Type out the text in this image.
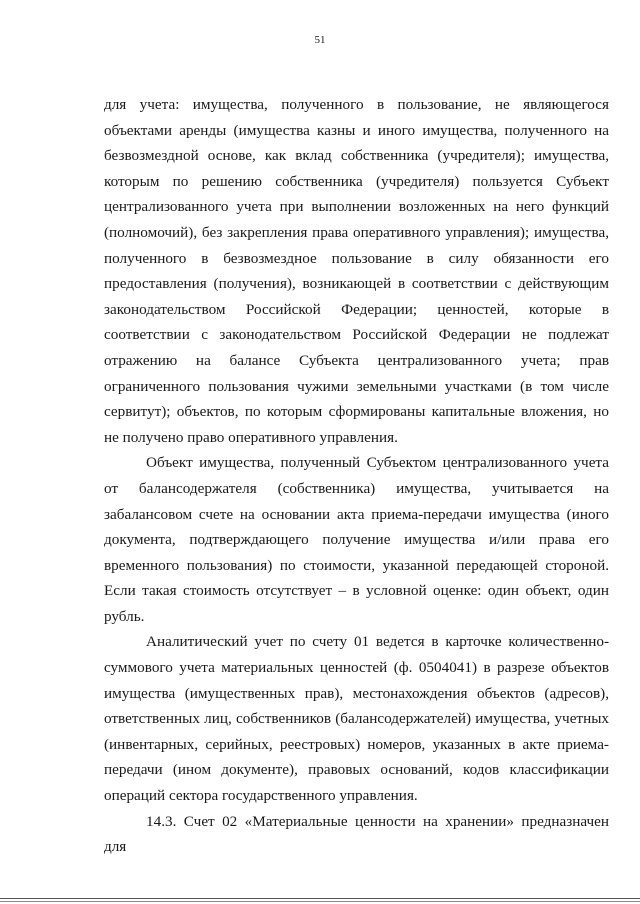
51

для учета: имущества, полученного в пользование, не являющегося объектами аренды (имущества казны и иного имущества, полученного на безвозмездной основе, как вклад собственника (учредителя); имущества, которым по решению собственника (учредителя) пользуется Субъект централизованного учета при выполнении возложенных на него функций (полномочий), без закрепления права оперативного управления); имущества, полученного в безвозмездное пользование в силу обязанности его предоставления (получения), возникающей в соответствии с действующим законодательством Российской Федерации; ценностей, которые в соответствии с законодательством Российской Федерации не подлежат отражению на балансе Субъекта централизованного учета; прав ограниченного пользования чужими земельными участками (в том числе сервитут); объектов, по которым сформированы капитальные вложения, но не получено право оперативного управления.

Объект имущества, полученный Субъектом централизованного учета от балансодержателя (собственника) имущества, учитывается на забалансовом счете на основании акта приема-передачи имущества (иного документа, подтверждающего получение имущества и/или права его временного пользования) по стоимости, указанной передающей стороной. Если такая стоимость отсутствует – в условной оценке: один объект, один рубль.

Аналитический учет по счету 01 ведется в карточке количественно-суммового учета материальных ценностей (ф. 0504041) в разрезе объектов имущества (имущественных прав), местонахождения объектов (адресов), ответственных лиц, собственников (балансодержателей) имущества, учетных (инвентарных, серийных, реестровых) номеров, указанных в акте приема-передачи (ином документе), правовых оснований, кодов классификации операций сектора государственного управления.

14.3. Счет 02 «Материальные ценности на хранении» предназначен для
